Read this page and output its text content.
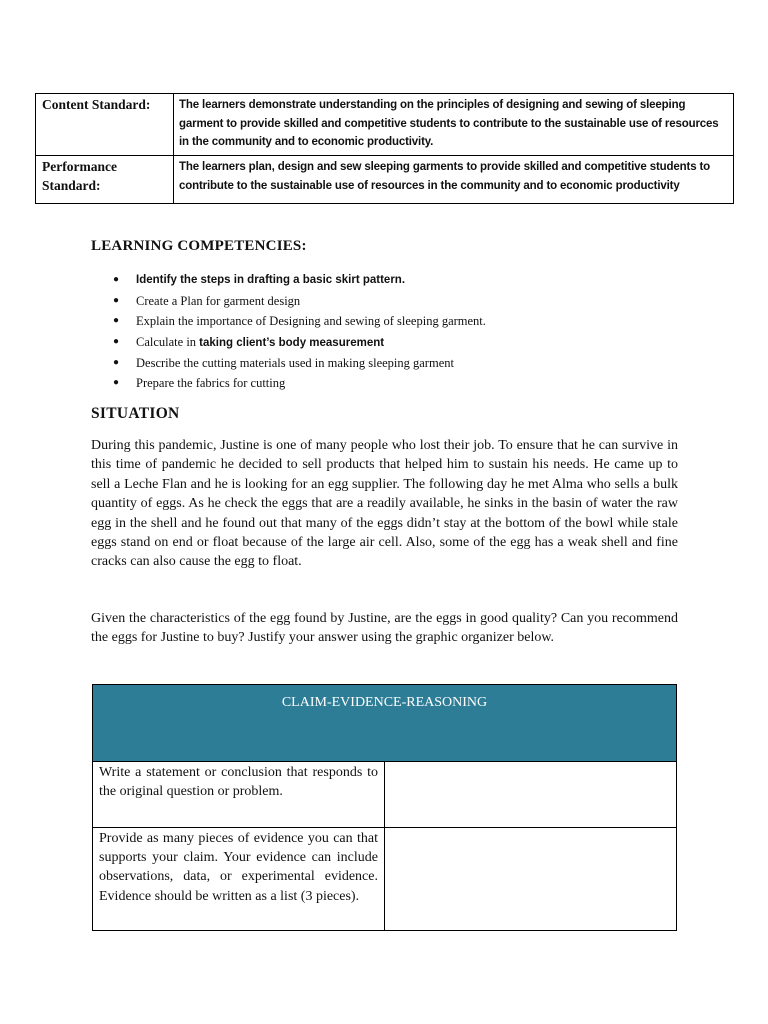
Content Standard:	The learners demonstrate understanding on the principles of designing and sewing of sleeping garment to provide skilled and competitive students to contribute to the sustainable use of resources in the community and to economic productivity.
Performance
Standard:	The learners plan, design and sew sleeping garments to provide skilled and competitive students to contribute to the sustainable use of resources in the community and to economic productivity
LEARNING COMPETENCIES:
● Identify the steps in drafting a basic skirt pattern.
● Create a Plan for garment design
● Explain the importance of Designing and sewing of sleeping garment.
● Calculate in taking client’s body measurement
● Describe the cutting materials used in making sleeping garment
● Prepare the fabrics for cutting
SITUATION

During this pandemic, Justine is one of many people who lost their job. To ensure that he can survive in this time of pandemic he decided to sell products that helped him to sustain his needs. He came up to sell a Leche Flan and he is looking for an egg supplier. The following day he met Alma who sells a bulk quantity of eggs. As he check the eggs that are a readily available, he sinks in the basin of water the raw egg in the shell and he found out that many of the eggs didn’t stay at the bottom of the bowl while stale eggs stand on end or float because of the large air cell. Also, some of the egg has a weak shell and fine cracks can also cause the egg to float.

Given the characteristics of the egg found by Justine, are the eggs in good quality? Can you recommend the eggs for Justine to buy? Justify your answer using the graphic organizer below.

CLAIM-EVIDENCE-REASONING	
Write a statement or conclusion that responds to the original question or problem.	
Provide as many pieces of evidence you can that supports your claim. Your evidence can include observations, data, or experimental evidence. Evidence should be written as a list (3 pieces).	
